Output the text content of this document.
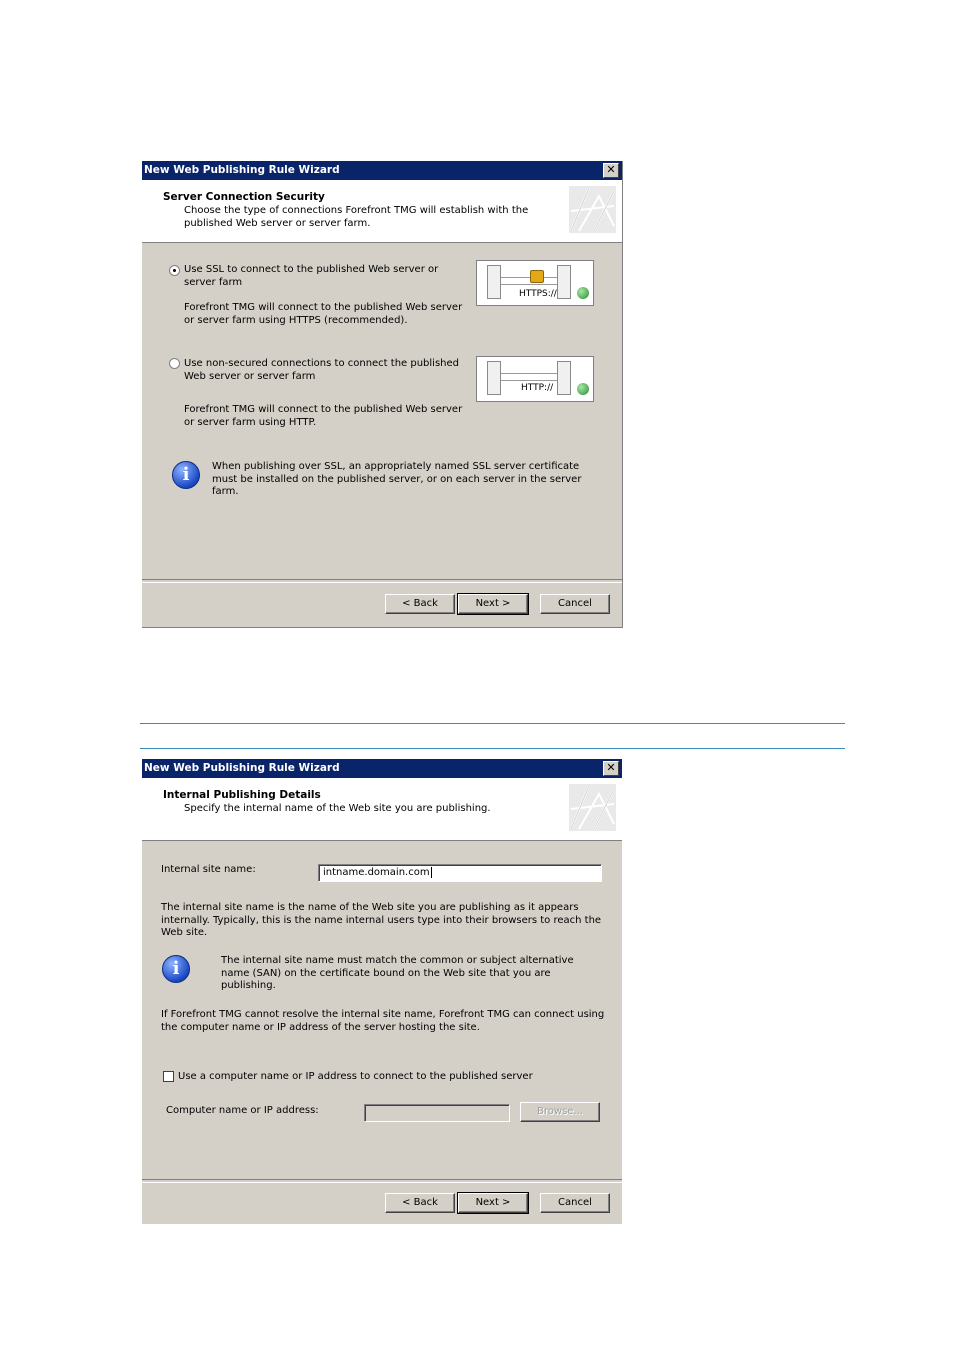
New Web Publishing Rule Wizard	✕
Server Connection Security
Choose the type of connections Forefront TMG will establish with the published Web server or server farm.
Use SSL to connect to the published Web server or server farm
Forefront TMG will connect to the published Web server or server farm using HTTPS (recommended).
HTTPS://
Use non-secured connections to connect the published Web server or server farm
Forefront TMG will connect to the published Web server or server farm using HTTP.
HTTP://
i	When publishing over SSL, an appropriately named SSL server certificate must be installed on the published server, or on each server in the server farm.
< Back	Next >	Cancel
New Web Publishing Rule Wizard	✕
Internal Publishing Details
Specify the internal name of the Web site you are publishing.
Internal site name:	intname.domain.com
The internal site name is the name of the Web site you are publishing as it appears internally. Typically, this is the name internal users type into their browsers to reach the Web site.
i	The internal site name must match the common or subject alternative name (SAN) on the certificate bound on the Web site that you are publishing.
If Forefront TMG cannot resolve the internal site name, Forefront TMG can connect using the computer name or IP address of the server hosting the site.
Use a computer name or IP address to connect to the published server
Computer name or IP address:	Browse...
< Back	Next >	Cancel
